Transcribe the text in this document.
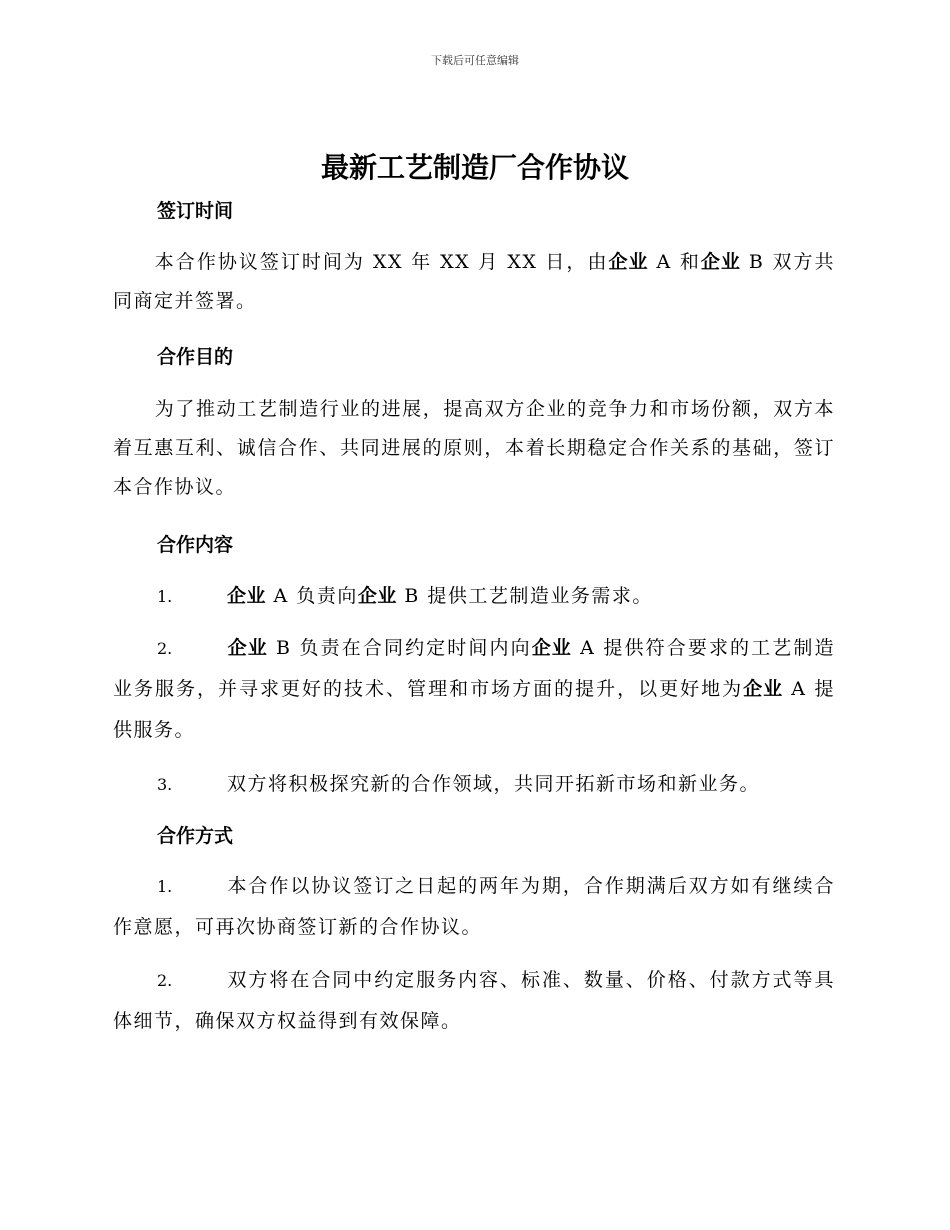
下载后可任意编辑
最新工艺制造厂合作协议
签订时间
本合作协议签订时间为 XX 年 XX 月 XX 日，由企业 A 和企业 B 双方共同商定并签署。
合作目的
为了推动工艺制造行业的进展，提高双方企业的竞争力和市场份额，双方本着互惠互利、诚信合作、共同进展的原则，本着长期稳定合作关系的基础，签订本合作协议。
合作内容
1.	企业 A 负责向企业 B 提供工艺制造业务需求。
2.	企业 B 负责在合同约定时间内向企业 A 提供符合要求的工艺制造业务服务，并寻求更好的技术、管理和市场方面的提升，以更好地为企业 A 提供服务。
3.	双方将积极探究新的合作领域，共同开拓新市场和新业务。
合作方式
1.	本合作以协议签订之日起的两年为期，合作期满后双方如有继续合作意愿，可再次协商签订新的合作协议。
2.	双方将在合同中约定服务内容、标准、数量、价格、付款方式等具体细节，确保双方权益得到有效保障。
